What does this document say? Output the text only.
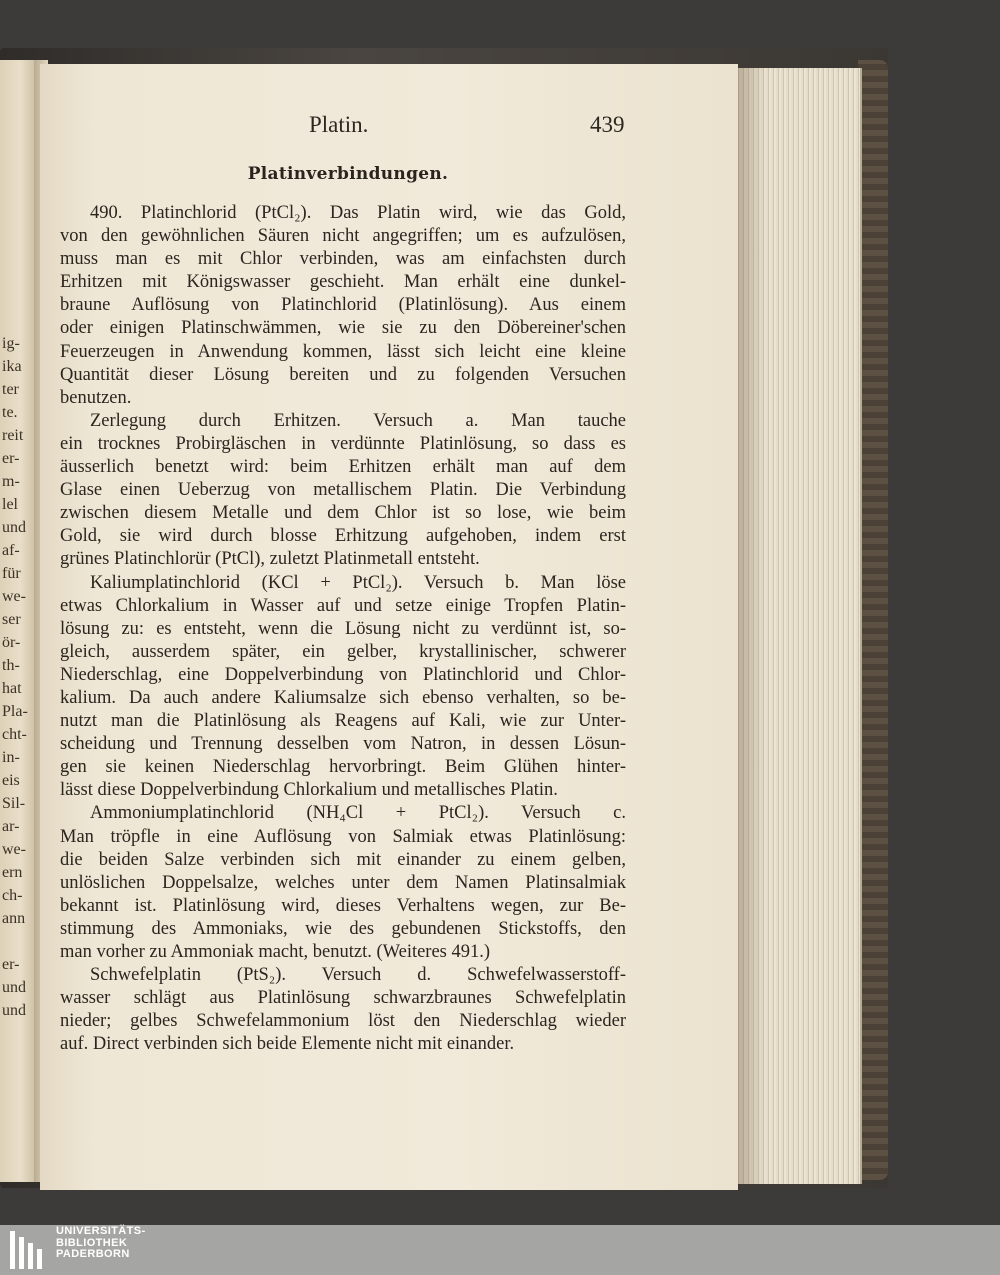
ig-
ika
ter
te.
reit
er-
m-
lel
und
af-
für
we-
ser
ör-
th-
hat
Pla-
cht-
in-
eis
Sil-
ar-
we-
ern
ch-
ann
er-
und
und
Platin.	439
Platinverbindungen.
490. Platinchlorid (PtCl₂). Das Platin wird, wie das Gold,
von den gewöhnlichen Säuren nicht angegriffen; um es aufzulösen,
muss man es mit Chlor verbinden, was am einfachsten durch
Erhitzen mit Königswasser geschieht. Man erhält eine dunkel-
braune Auflösung von Platinchlorid (Platinlösung). Aus einem
oder einigen Platinschwämmen, wie sie zu den Döbereiner'schen
Feuerzeugen in Anwendung kommen, lässt sich leicht eine kleine
Quantität dieser Lösung bereiten und zu folgenden Versuchen
benutzen.
Zerlegung durch Erhitzen. Versuch a. Man tauche
ein trocknes Probirgläschen in verdünnte Platinlösung, so dass es
äusserlich benetzt wird: beim Erhitzen erhält man auf dem
Glase einen Ueberzug von metallischem Platin. Die Verbindung
zwischen diesem Metalle und dem Chlor ist so lose, wie beim
Gold, sie wird durch blosse Erhitzung aufgehoben, indem erst
grünes Platinchlorür (PtCl), zuletzt Platinmetall entsteht.
Kaliumplatinchlorid (KCl + PtCl₂). Versuch b. Man löse
etwas Chlorkalium in Wasser auf und setze einige Tropfen Platin-
lösung zu: es entsteht, wenn die Lösung nicht zu verdünnt ist, so-
gleich, ausserdem später, ein gelber, krystallinischer, schwerer
Niederschlag, eine Doppelverbindung von Platinchlorid und Chlor-
kalium. Da auch andere Kaliumsalze sich ebenso verhalten, so be-
nutzt man die Platinlösung als Reagens auf Kali, wie zur Unter-
scheidung und Trennung desselben vom Natron, in dessen Lösun-
gen sie keinen Niederschlag hervorbringt. Beim Glühen hinter-
lässt diese Doppelverbindung Chlorkalium und metallisches Platin.
Ammoniumplatinchlorid (NH₄Cl + PtCl₂). Versuch c.
Man tröpfle in eine Auflösung von Salmiak etwas Platinlösung:
die beiden Salze verbinden sich mit einander zu einem gelben,
unlöslichen Doppelsalze, welches unter dem Namen Platinsalmiak
bekannt ist. Platinlösung wird, dieses Verhaltens wegen, zur Be-
stimmung des Ammoniaks, wie des gebundenen Stickstoffs, den
man vorher zu Ammoniak macht, benutzt. (Weiteres 491.)
Schwefelplatin (PtS₂). Versuch d. Schwefelwasserstoff-
wasser schlägt aus Platinlösung schwarzbraunes Schwefelplatin
nieder; gelbes Schwefelammonium löst den Niederschlag wieder
auf. Direct verbinden sich beide Elemente nicht mit einander.
UNIVERSITÄTS-
BIBLIOTHEK
PADERBORN
